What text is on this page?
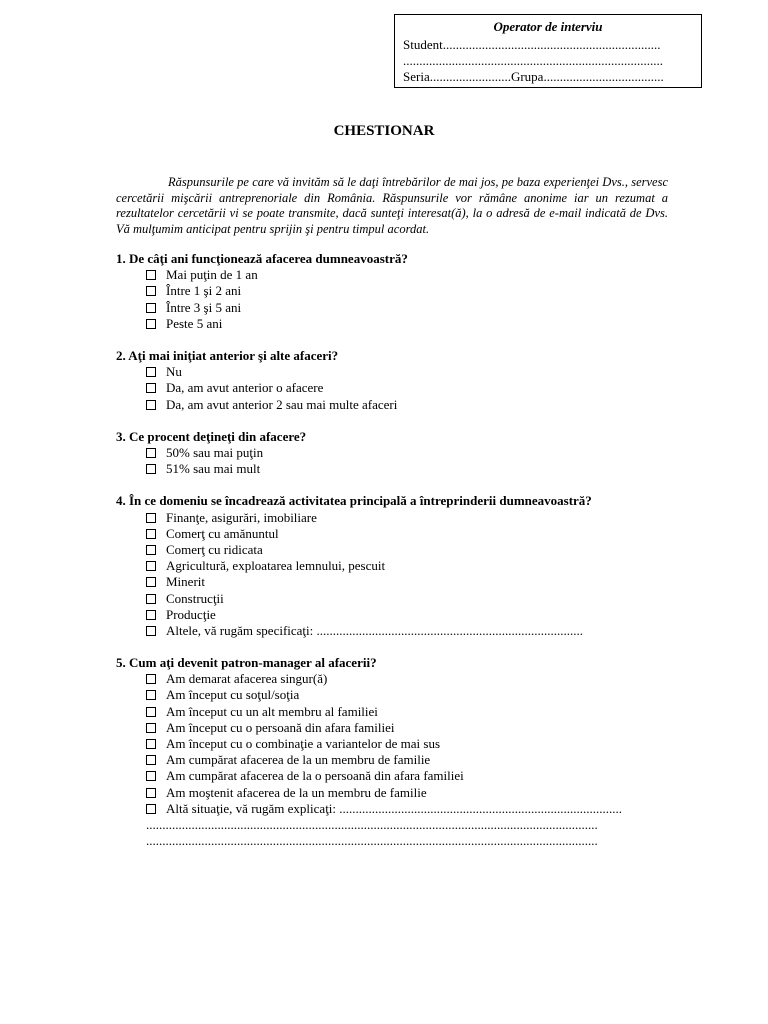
Operator de interviu
Student...................................................................
................................................................................
Seria.........................Grupa.....................................
CHESTIONAR
Răspunsurile pe care vă invităm să le daţi întrebărilor de mai jos, pe baza experienţei Dvs., servesc cercetării mişcării antreprenoriale din România. Răspunsurile vor rămâne anonime iar un rezumat a rezultatelor cercetării vi se poate transmite, dacă sunteţi interesat(ă), la o adresă de e-mail indicată de Dvs. Vă mulţumim anticipat pentru sprijin şi pentru timpul acordat.
1. De câţi ani funcţionează afacerea dumneavoastră?
Mai puţin de 1 an
Între 1 şi 2 ani
Între 3 şi 5 ani
Peste 5 ani
2. Aţi mai iniţiat anterior şi alte afaceri?
Nu
Da, am avut anterior o afacere
Da, am avut anterior 2 sau mai multe afaceri
3. Ce procent deţineţi din afacere?
50% sau mai puţin
51% sau mai mult
4. În ce domeniu se încadrează activitatea principală a întreprinderii dumneavoastră?
Finanţe, asigurări, imobiliare
Comerţ cu amănuntul
Comerţ cu ridicata
Agricultură, exploatarea lemnului, pescuit
Minerit
Construcţii
Producţie
Altele, vă rugăm specificaţi: ..................................................................................
5. Cum aţi devenit patron-manager al afacerii?
Am demarat afacerea singur(ă)
Am început cu soţul/soţia
Am început cu un alt membru al familiei
Am început cu o persoană din afara familiei
Am început cu o combinaţie a variantelor de mai sus
Am cumpărat afacerea de la un membru de familie
Am cumpărat afacerea de la o persoană din afara familiei
Am moştenit afacerea de la un membru de familie
Altă situaţie, vă rugăm explicaţi: .......................................................................................
...........................................................................................................................................
...........................................................................................................................................
